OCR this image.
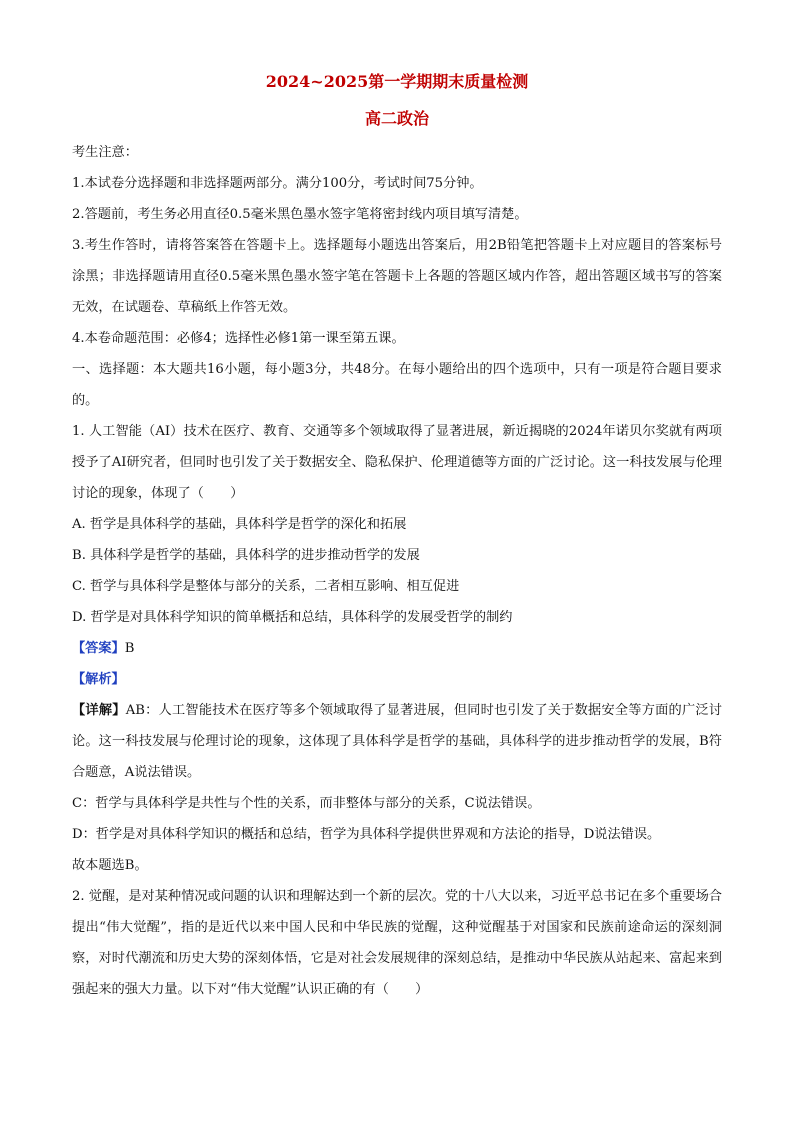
2024~2025第一学期期末质量检测
高二政治

考生注意：

1.本试卷分选择题和非选择题两部分。满分100分，考试时间75分钟。

2.答题前，考生务必用直径0.5毫米黑色墨水签字笔将密封线内项目填写清楚。

3.考生作答时，请将答案答在答题卡上。选择题每小题选出答案后，用2B铅笔把答题卡上对应题目的答案标号涂黑；非选择题请用直径0.5毫米黑色墨水签字笔在答题卡上各题的答题区域内作答，超出答题区域书写的答案无效，在试题卷、草稿纸上作答无效。

4.本卷命题范围：必修4；选择性必修1第一课至第五课。

一、选择题：本大题共16小题，每小题3分，共48分。在每小题给出的四个选项中，只有一项是符合题目要求的。

1. 人工智能（AI）技术在医疗、教育、交通等多个领域取得了显著进展，新近揭晓的2024年诺贝尔奖就有两项授予了AI研究者，但同时也引发了关于数据安全、隐私保护、伦理道德等方面的广泛讨论。这一科技发展与伦理讨论的现象，体现了（　　）

A. 哲学是具体科学的基础，具体科学是哲学的深化和拓展

B. 具体科学是哲学的基础，具体科学的进步推动哲学的发展

C. 哲学与具体科学是整体与部分的关系，二者相互影响、相互促进

D. 哲学是对具体科学知识的简单概括和总结，具体科学的发展受哲学的制约

【答案】B

【解析】

【详解】AB：人工智能技术在医疗等多个领域取得了显著进展，但同时也引发了关于数据安全等方面的广泛讨论。这一科技发展与伦理讨论的现象，这体现了具体科学是哲学的基础，具体科学的进步推动哲学的发展，B符合题意，A说法错误。

C：哲学与具体科学是共性与个性的关系，而非整体与部分的关系，C说法错误。

D：哲学是对具体科学知识的概括和总结，哲学为具体科学提供世界观和方法论的指导，D说法错误。

故本题选B。

2. 觉醒，是对某种情况或问题的认识和理解达到一个新的层次。党的十八大以来，习近平总书记在多个重要场合提出“伟大觉醒”，指的是近代以来中国人民和中华民族的觉醒，这种觉醒基于对国家和民族前途命运的深刻洞察，对时代潮流和历史大势的深刻体悟，它是对社会发展规律的深刻总结，是推动中华民族从站起来、富起来到强起来的强大力量。以下对“伟大觉醒”认识正确的有（　　）
